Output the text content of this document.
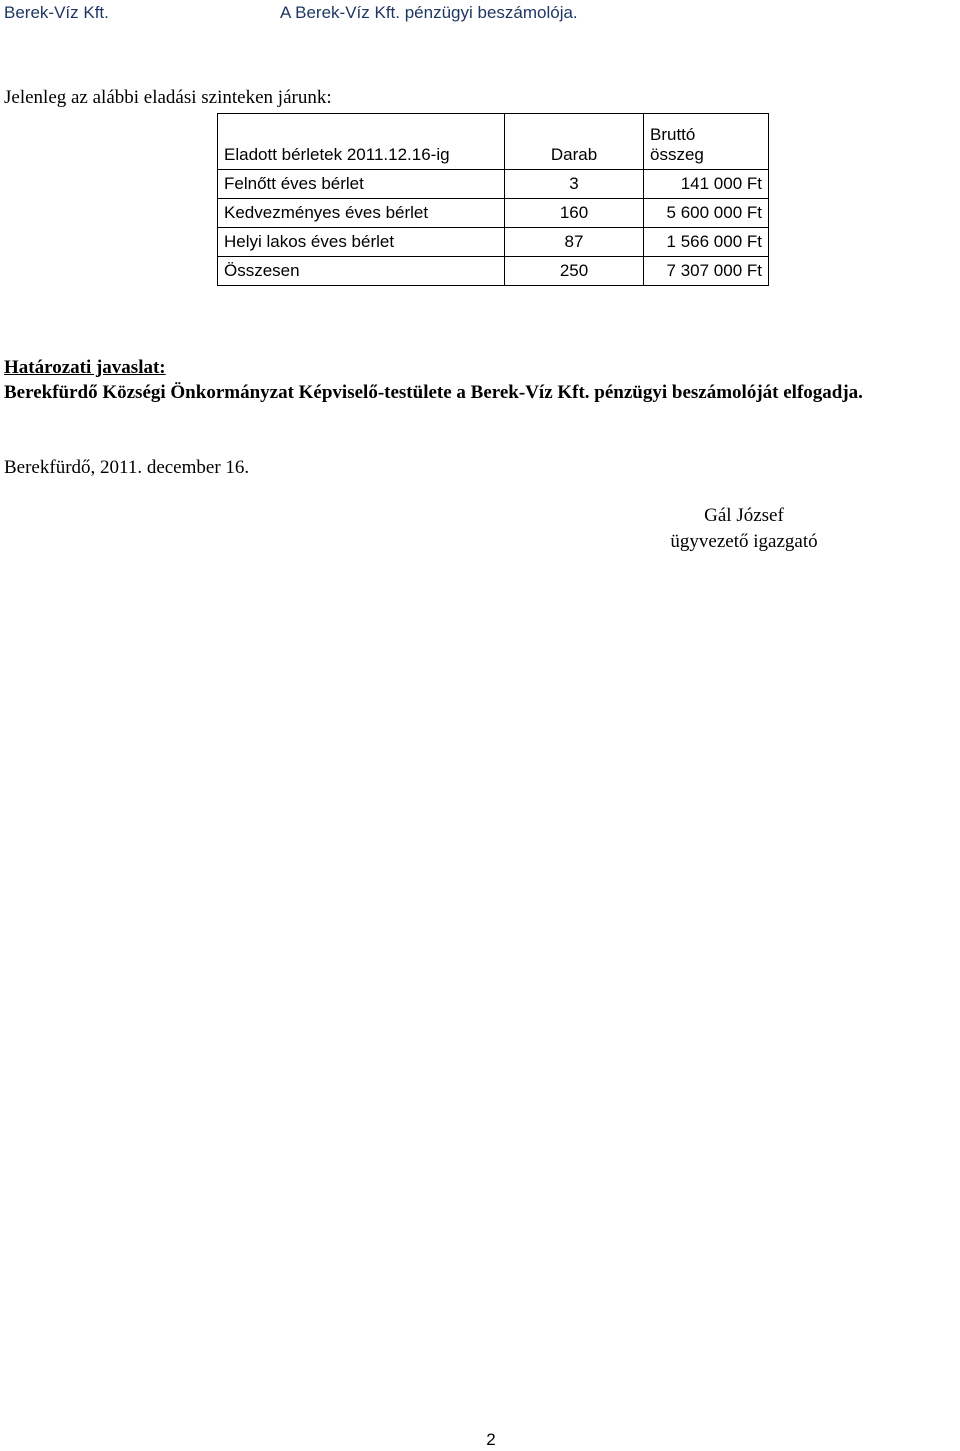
Berek-Víz Kft.	A Berek-Víz Kft. pénzügyi beszámolója.
Jelenleg az alábbi eladási szinteken járunk:
Eladott bérletek 2011.12.16-ig	Darab	Bruttó
összeg

Felnőtt éves bérlet	3	141 000 Ft
Kedvezményes éves bérlet	160	5 600 000 Ft
Helyi lakos éves bérlet	87	1 566 000 Ft
Összesen	250	7 307 000 Ft
Határozati javaslat:
Berekfürdő Községi Önkormányzat Képviselő-testülete a Berek-Víz Kft. pénzügyi beszámolóját elfogadja.
Berekfürdő, 2011. december 16.
Gál József
ügyvezető igazgató
2
